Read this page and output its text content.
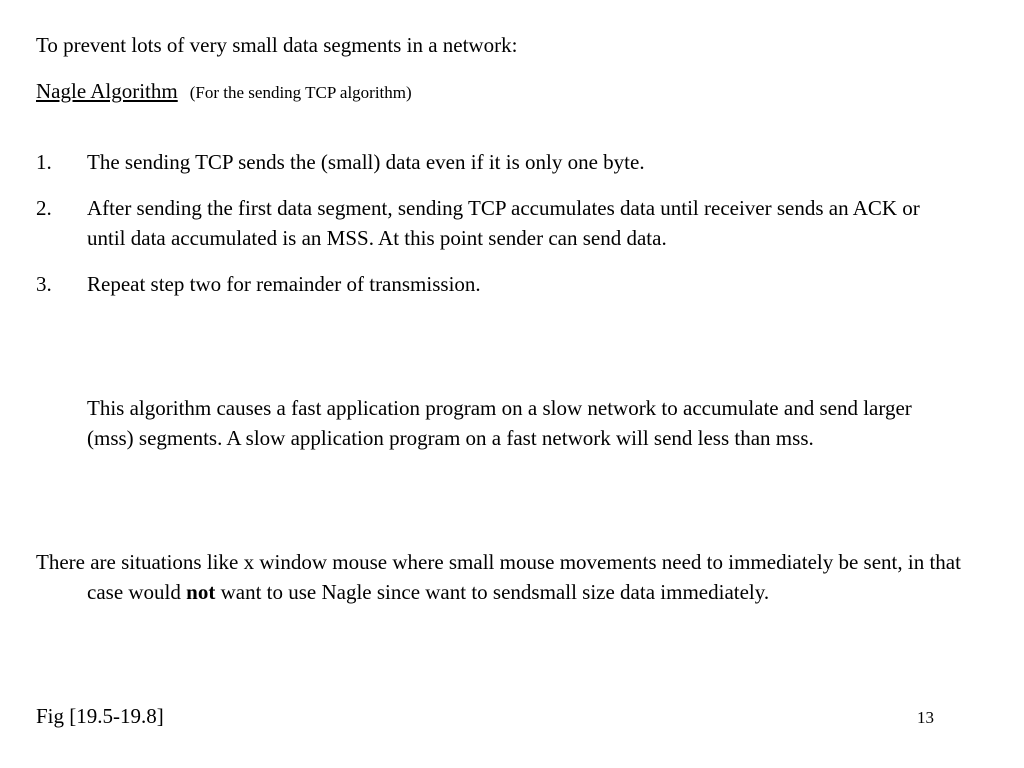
To prevent lots of very small data segments in a network:
Nagle Algorithm (For the sending TCP algorithm)
1. The sending TCP sends the (small) data even if it is only one byte.
2. After sending the first data segment, sending TCP accumulates data until receiver sends an ACK or until data accumulated is an MSS. At this point sender can send data.
3. Repeat step two for remainder of transmission.

This algorithm causes a fast application program on a slow network to accumulate and send larger (mss) segments. A slow application program on a fast network will send less than mss.

There are situations like x window mouse where small mouse movements need to immediately be sent, in that case would not want to use Nagle since want to sendsmall size data immediately.

Fig [19.5-19.8]	13
